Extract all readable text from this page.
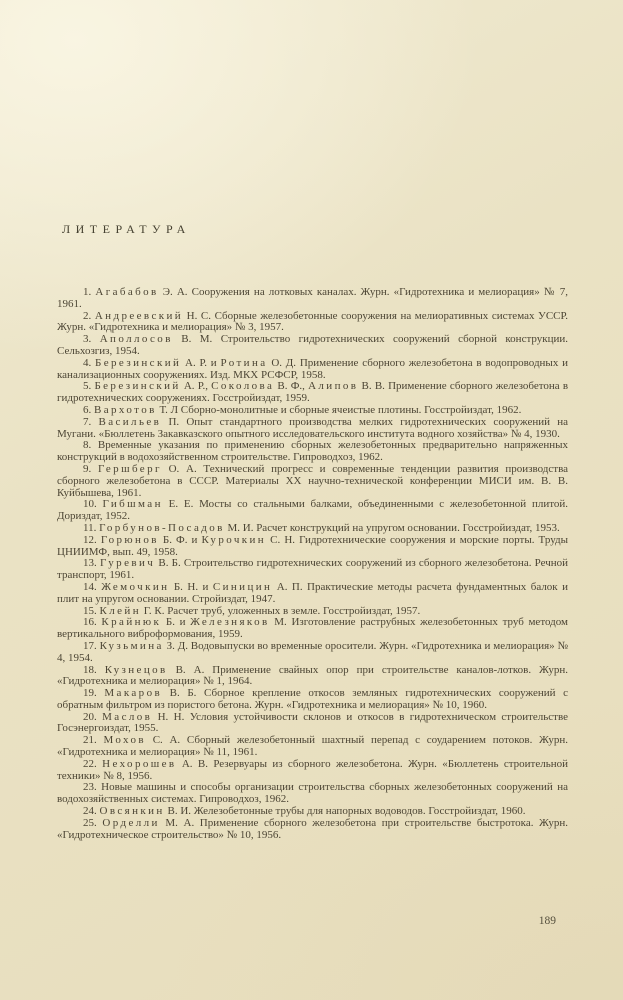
ЛИТЕРАТУРА

1. Агабабов Э. А. Сооружения на лотковых каналах. Журн. «Гидротехника и мелиорация» № 7, 1961.

2. Андреевский Н. С. Сборные железобетонные сооружения на мелиоративных системах УССР. Журн. «Гидротехника и мелиорация» № 3, 1957.

3. Аполлосов В. М. Строительство гидротехнических сооружений сборной конструкции. Сельхозгиз, 1954.

4. Березинский А. Р. и Ротина О. Д. Применение сборного железобетона в водопроводных и канализационных сооружениях. Изд. МКХ РСФСР, 1958.

5. Березинский А. Р., Соколова В. Ф., Алипов В. В. Применение сборного железобетона в гидротехнических сооружениях. Госстройиздат, 1959.

6. Вархотов Т. Л Сборно-монолитные и сборные ячеистые плотины. Госстройиздат, 1962.

7. Васильев П. Опыт стандартного производства мелких гидротехнических сооружений на Мугани. «Бюллетень Закавказского опытного исследовательского института водного хозяйства» № 4, 1930.

8. Временные указания по применению сборных железобетонных предварительно напряженных конструкций в водохозяйственном строительстве. Гипроводхоз, 1962.

9. Гершберг О. А. Технический прогресс и современные тенденции развития производства сборного железобетона в СССР. Материалы XX научно-технической конференции МИСИ им. В. В. Куйбышева, 1961.

10. Гибшман Е. Е. Мосты со стальными балками, объединенными с железобетонной плитой. Дориздат, 1952.

11. Горбунов-Посадов М. И. Расчет конструкций на упругом основании. Госстройиздат, 1953.

12. Горюнов Б. Ф. и Курочкин С. Н. Гидротехнические сооружения и морские порты. Труды ЦНИИМФ, вып. 49, 1958.

13. Гуревич В. Б. Строительство гидротехнических сооружений из сборного железобетона. Речной транспорт, 1961.

14. Жемочкин Б. Н. и Синицин А. П. Практические методы расчета фундаментных балок и плит на упругом основании. Стройиздат, 1947.

15. Клейн Г. К. Расчет труб, уложенных в земле. Госстройиздат, 1957.

16. Крайнюк Б. и Железняков М. Изготовление раструбных железобетонных труб методом вертикального виброформования, 1959.

17. Кузьмина З. Д. Водовыпуски во временные оросители. Журн. «Гидротехника и мелиорация» № 4, 1954.

18. Кузнецов В. А. Применение свайных опор при строительстве каналов-лотков. Журн. «Гидротехника и мелиорация» № 1, 1964.

19. Макаров В. Б. Сборное крепление откосов земляных гидротехнических сооружений с обратным фильтром из пористого бетона. Журн. «Гидротехника и мелиорация» № 10, 1960.

20. Маслов Н. Н. Условия устойчивости склонов и откосов в гидротехническом строительстве Госэнергоиздат, 1955.

21. Мохов С. А. Сборный железобетонный шахтный перепад с соударением потоков. Журн. «Гидротехника и мелиорация» № 11, 1961.

22. Нехорошев А. В. Резервуары из сборного железобетона. Журн. «Бюллетень строительной техники» № 8, 1956.

23. Новые машины и способы организации строительства сборных железобетонных сооружений на водохозяйственных системах. Гипроводхоз, 1962.

24. Овсянкин В. И. Железобетонные трубы для напорных водоводов. Госстройиздат, 1960.

25. Орделли М. А. Применение сборного железобетона при строительстве быстротока. Журн. «Гидротехническое строительство» № 10, 1956.

189
